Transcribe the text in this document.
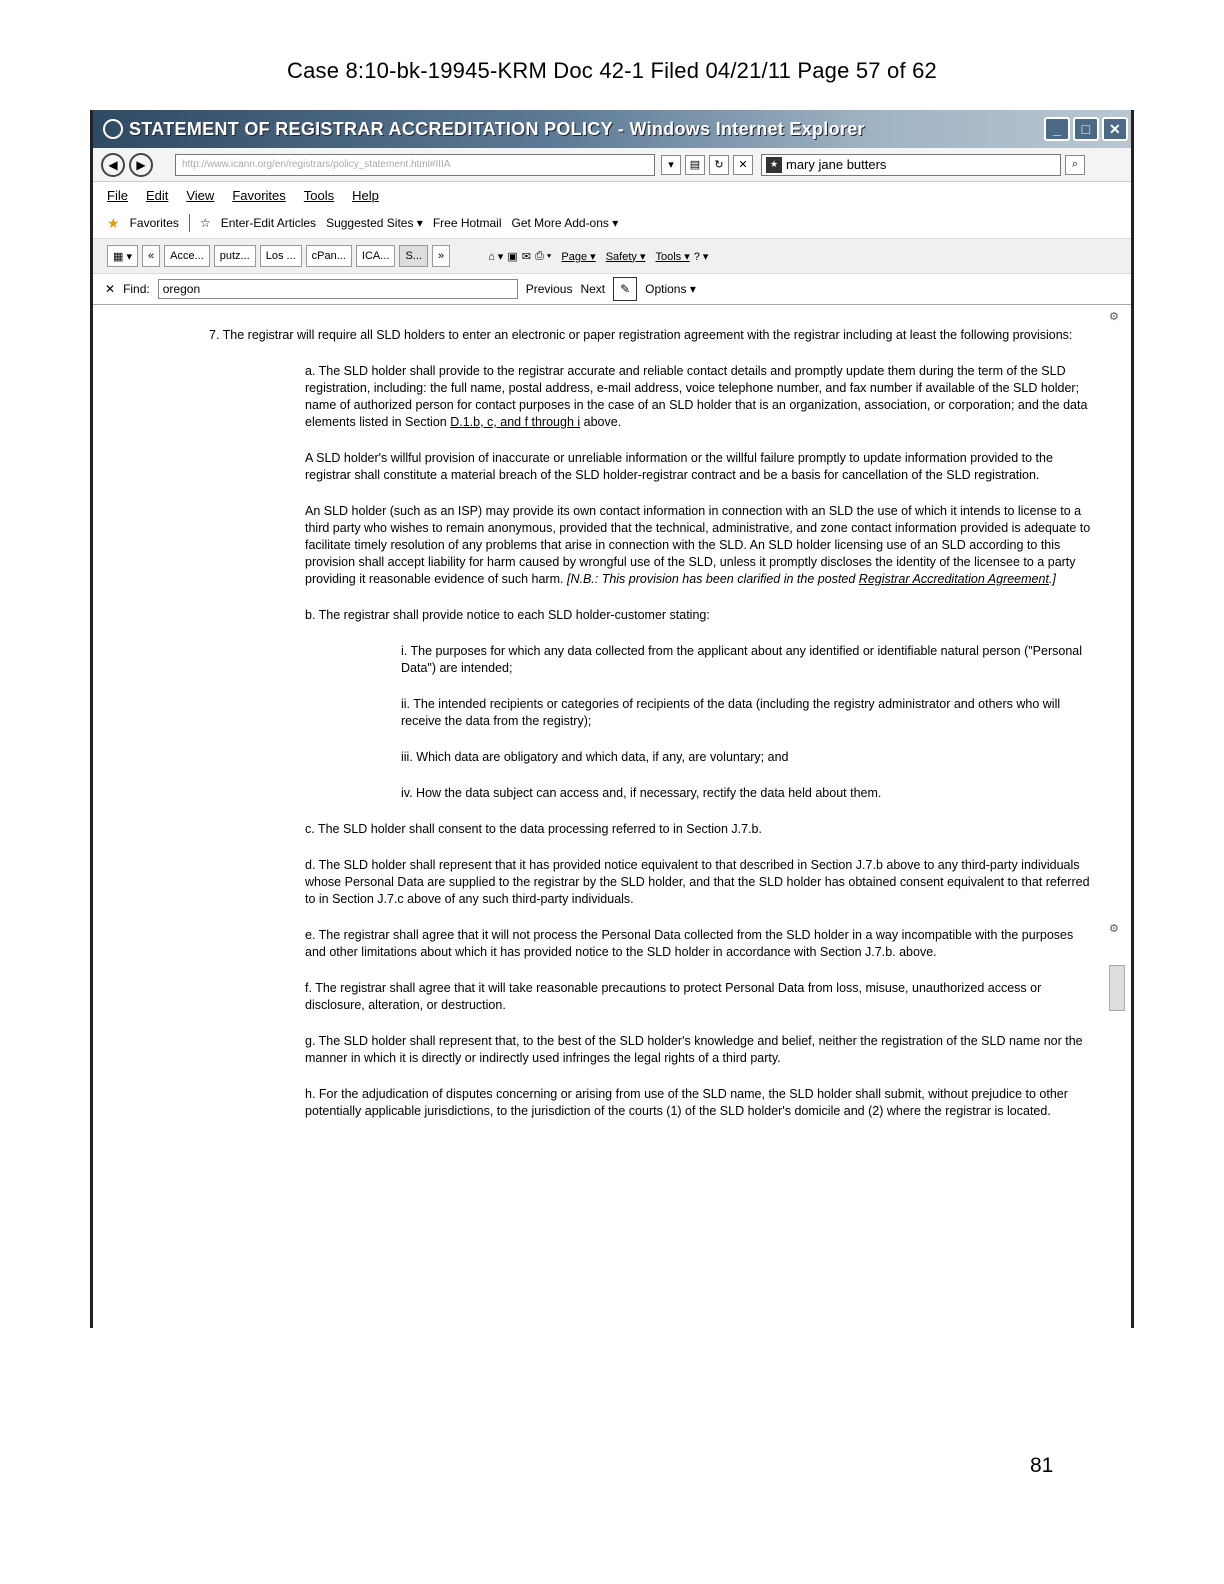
Case 8:10-bk-19945-KRM Doc 42-1 Filed 04/21/11 Page 57 of 62
STATEMENT OF REGISTRAR ACCREDITATION POLICY - Windows Internet Explorer	_	□	✕
◀	▶	http://www.icann.org/en/registrars/policy_statement.html#IIIA	▾	▤	↻	✕	★ mary jane butters	⌕
File Edit View Favorites Tools Help
★ Favorites ☆ Enter-Edit Articles Suggested Sites ▾ Free Hotmail Get More Add-ons ▾
▦ ▾	«	Acce...	putz...	Los ...	cPan...	ICA...	S...	»	⌂ ▾ ▣ ✉ ⎙ ▾ Page ▾ Safety ▾ Tools ▾ ? ▾
✕ Find:	oregon	Previous Next	✎	Options ▾
⚙
⚙

7. The registrar will require all SLD holders to enter an electronic or paper registration agreement with the registrar including at least the following provisions:

a. The SLD holder shall provide to the registrar accurate and reliable contact details and promptly update them during the term of the SLD registration, including: the full name, postal address, e-mail address, voice telephone number, and fax number if available of the SLD holder; name of authorized person for contact purposes in the case of an SLD holder that is an organization, association, or corporation; and the data elements listed in Section D.1.b, c, and f through i above.

A SLD holder's willful provision of inaccurate or unreliable information or the willful failure promptly to update information provided to the registrar shall constitute a material breach of the SLD holder-registrar contract and be a basis for cancellation of the SLD registration.

An SLD holder (such as an ISP) may provide its own contact information in connection with an SLD the use of which it intends to license to a third party who wishes to remain anonymous, provided that the technical, administrative, and zone contact information provided is adequate to facilitate timely resolution of any problems that arise in connection with the SLD. An SLD holder licensing use of an SLD according to this provision shall accept liability for harm caused by wrongful use of the SLD, unless it promptly discloses the identity of the licensee to a party providing it reasonable evidence of such harm. [N.B.: This provision has been clarified in the posted Registrar Accreditation Agreement.]

b. The registrar shall provide notice to each SLD holder-customer stating:

i. The purposes for which any data collected from the applicant about any identified or identifiable natural person ("Personal Data") are intended;

ii. The intended recipients or categories of recipients of the data (including the registry administrator and others who will receive the data from the registry);

iii. Which data are obligatory and which data, if any, are voluntary; and

iv. How the data subject can access and, if necessary, rectify the data held about them.

c. The SLD holder shall consent to the data processing referred to in Section J.7.b.

d. The SLD holder shall represent that it has provided notice equivalent to that described in Section J.7.b above to any third-party individuals whose Personal Data are supplied to the registrar by the SLD holder, and that the SLD holder has obtained consent equivalent to that referred to in Section J.7.c above of any such third-party individuals.

e. The registrar shall agree that it will not process the Personal Data collected from the SLD holder in a way incompatible with the purposes and other limitations about which it has provided notice to the SLD holder in accordance with Section J.7.b. above.

f. The registrar shall agree that it will take reasonable precautions to protect Personal Data from loss, misuse, unauthorized access or disclosure, alteration, or destruction.

g. The SLD holder shall represent that, to the best of the SLD holder's knowledge and belief, neither the registration of the SLD name nor the manner in which it is directly or indirectly used infringes the legal rights of a third party.

h. For the adjudication of disputes concerning or arising from use of the SLD name, the SLD holder shall submit, without prejudice to other potentially applicable jurisdictions, to the jurisdiction of the courts (1) of the SLD holder's domicile and (2) where the registrar is located.

81
